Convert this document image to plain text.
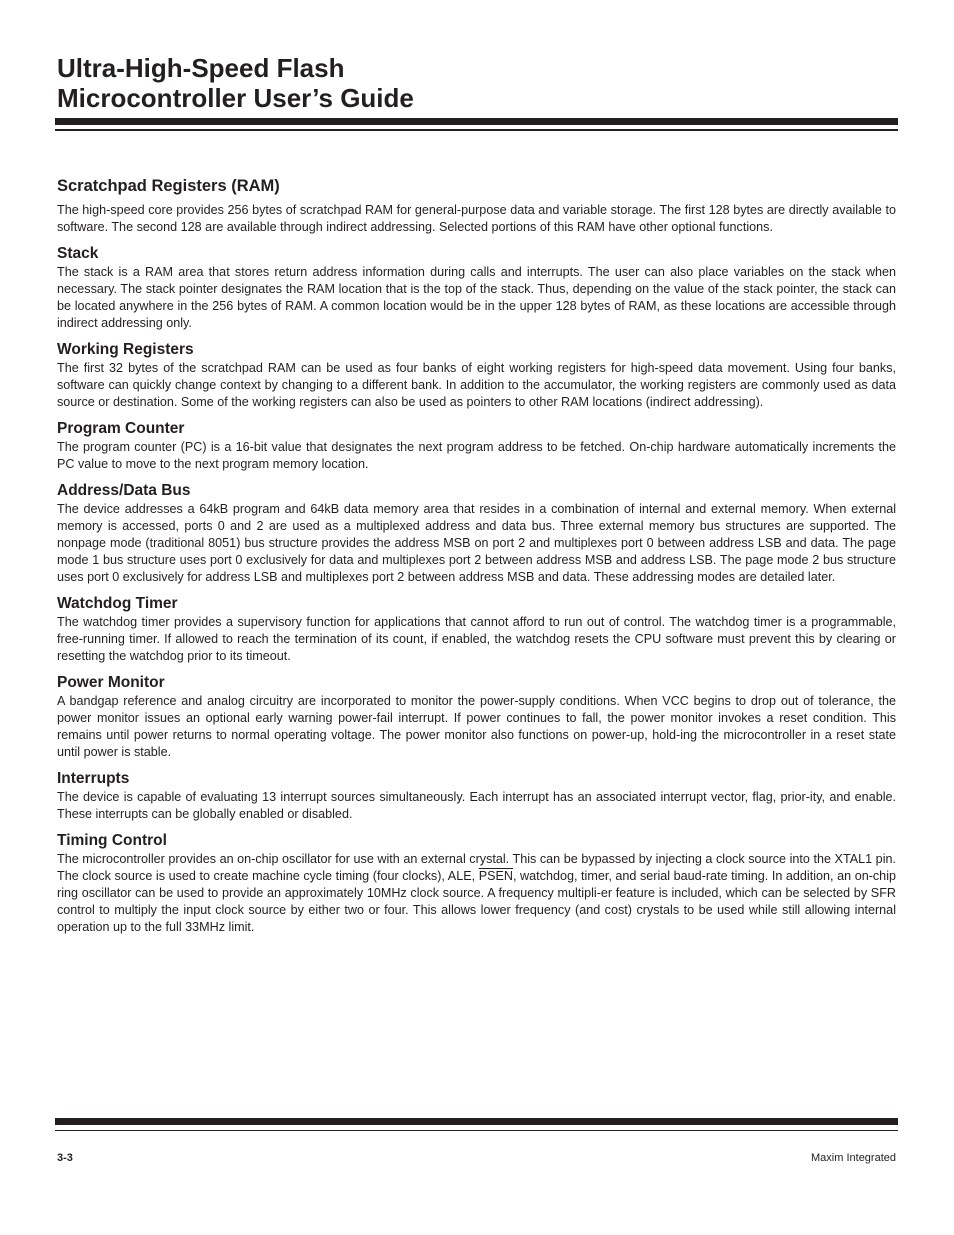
Ultra-High-Speed Flash
Microcontroller User’s Guide
Scratchpad Registers (RAM)

The high-speed core provides 256 bytes of scratchpad RAM for general-purpose data and variable storage. The first 128 bytes are directly available to software. The second 128 are available through indirect addressing. Selected portions of this RAM have other optional functions.

Stack

The stack is a RAM area that stores return address information during calls and interrupts. The user can also place variables on the stack when necessary. The stack pointer designates the RAM location that is the top of the stack. Thus, depending on the value of the stack pointer, the stack can be located anywhere in the 256 bytes of RAM. A common location would be in the upper 128 bytes of RAM, as these locations are accessible through indirect addressing only.

Working Registers

The first 32 bytes of the scratchpad RAM can be used as four banks of eight working registers for high-speed data movement. Using four banks, software can quickly change context by changing to a different bank. In addition to the accumulator, the working registers are commonly used as data source or destination. Some of the working registers can also be used as pointers to other RAM locations (indirect addressing).

Program Counter

The program counter (PC) is a 16-bit value that designates the next program address to be fetched. On-chip hardware automatically increments the PC value to move to the next program memory location.

Address/Data Bus

The device addresses a 64kB program and 64kB data memory area that resides in a combination of internal and external memory. When external memory is accessed, ports 0 and 2 are used as a multiplexed address and data bus. Three external memory bus structures are supported. The nonpage mode (traditional 8051) bus structure provides the address MSB on port 2 and multiplexes port 0 between address LSB and data. The page mode 1 bus structure uses port 0 exclusively for data and multiplexes port 2 between address MSB and address LSB. The page mode 2 bus structure uses port 0 exclusively for address LSB and multiplexes port 2 between address MSB and data. These addressing modes are detailed later.

Watchdog Timer

The watchdog timer provides a supervisory function for applications that cannot afford to run out of control. The watchdog timer is a programmable, free-running timer. If allowed to reach the termination of its count, if enabled, the watchdog resets the CPU software must prevent this by clearing or resetting the watchdog prior to its timeout.

Power Monitor

A bandgap reference and analog circuitry are incorporated to monitor the power-supply conditions. When VCC begins to drop out of tolerance, the power monitor issues an optional early warning power-fail interrupt. If power continues to fall, the power monitor invokes a reset condition. This remains until power returns to normal operating voltage. The power monitor also functions on power-up, hold-ing the microcontroller in a reset state until power is stable.

Interrupts

The device is capable of evaluating 13 interrupt sources simultaneously. Each interrupt has an associated interrupt vector, flag, prior-ity, and enable. These interrupts can be globally enabled or disabled.

Timing Control

The microcontroller provides an on-chip oscillator for use with an external crystal. This can be bypassed by injecting a clock source into the XTAL1 pin. The clock source is used to create machine cycle timing (four clocks), ALE, PSEN, watchdog, timer, and serial baud-rate timing. In addition, an on-chip ring oscillator can be used to provide an approximately 10MHz clock source. A frequency multipli-er feature is included, which can be selected by SFR control to multiply the input clock source by either two or four. This allows lower frequency (and cost) crystals to be used while still allowing internal operation up to the full 33MHz limit.

3-3	Maxim Integrated
